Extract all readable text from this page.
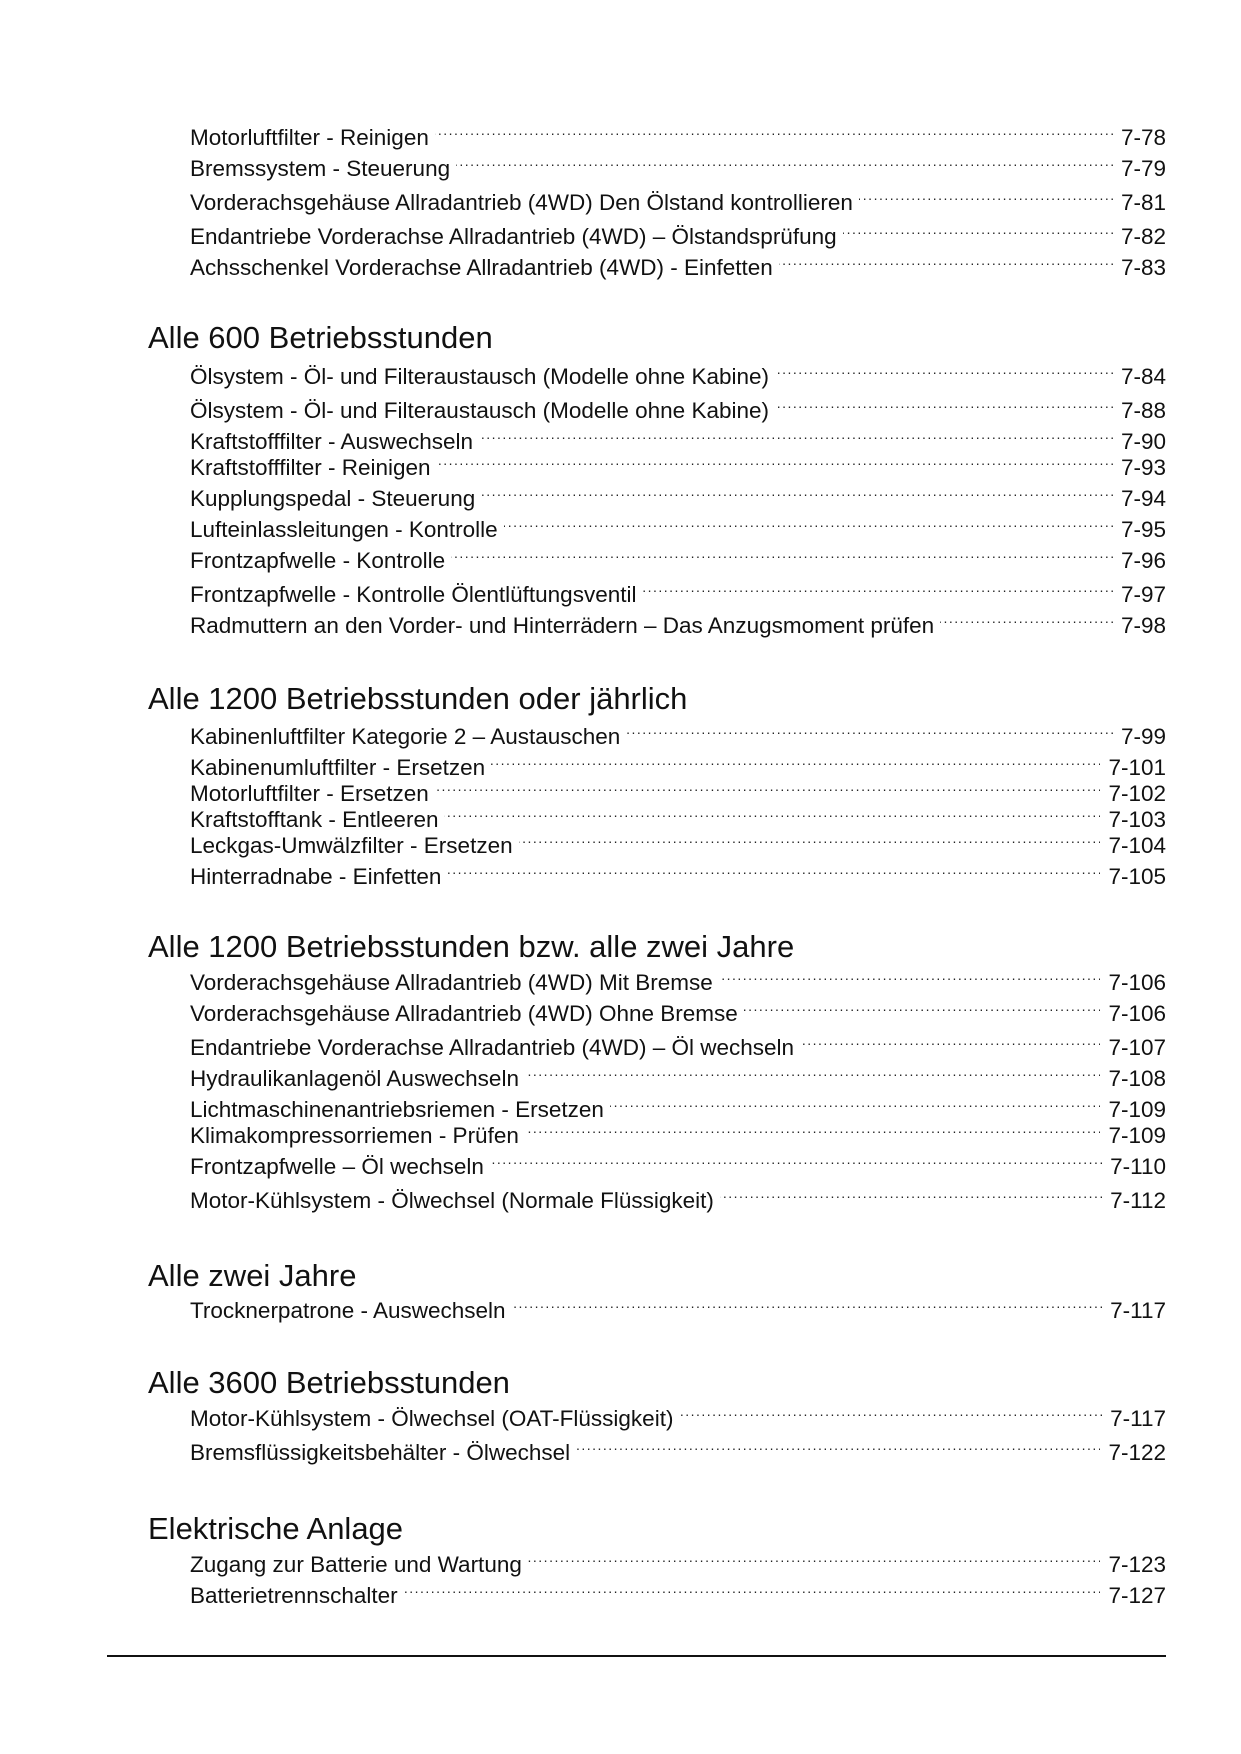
Motorluftfilter - Reinigen . . .	7-78
Bremssystem - Steuerung . . .	7-79
Vorderachsgehäuse Allradantrieb (4WD) Den Ölstand kontrollieren . . .	7-81
Endantriebe Vorderachse Allradantrieb (4WD) – Ölstandsprüfung . . .	7-82
Achsschenkel Vorderachse Allradantrieb (4WD) - Einfetten . . .	7-83
Alle 600 Betriebsstunden
Ölsystem - Öl- und Filteraustausch (Modelle ohne Kabine) . . .	7-84
Ölsystem - Öl- und Filteraustausch (Modelle ohne Kabine) . . .	7-88
Kraftstofffilter - Auswechseln . . .	7-90
Kraftstofffilter - Reinigen . . .	7-93
Kupplungspedal - Steuerung . . .	7-94
Lufteinlassleitungen - Kontrolle . . .	7-95
Frontzapfwelle - Kontrolle . . .	7-96
Frontzapfwelle - Kontrolle Ölentlüftungsventil . . .	7-97
Radmuttern an den Vorder- und Hinterrädern – Das Anzugsmoment prüfen . . .	7-98
Alle 1200 Betriebsstunden oder jährlich
Kabinenluftfilter Kategorie 2 – Austauschen . . .	7-99
Kabinenumluftfilter - Ersetzen . . .	7-101
Motorluftfilter - Ersetzen . . .	7-102
Kraftstofftank - Entleeren . . .	7-103
Leckgas-Umwälzfilter - Ersetzen . . .	7-104
Hinterradnabe - Einfetten . . .	7-105
Alle 1200 Betriebsstunden bzw. alle zwei Jahre
Vorderachsgehäuse Allradantrieb (4WD) Mit Bremse . . .	7-106
Vorderachsgehäuse Allradantrieb (4WD) Ohne Bremse . . .	7-106
Endantriebe Vorderachse Allradantrieb (4WD) – Öl wechseln . . .	7-107
Hydraulikanlagenöl Auswechseln . . .	7-108
Lichtmaschinenantriebsriemen - Ersetzen . . .	7-109
Klimakompressorriemen - Prüfen . . .	7-109
Frontzapfwelle – Öl wechseln . . .	7-110
Motor-Kühlsystem - Ölwechsel (Normale Flüssigkeit) . . .	7-112
Alle zwei Jahre
Trocknerpatrone - Auswechseln . . .	7-117
Alle 3600 Betriebsstunden
Motor-Kühlsystem - Ölwechsel (OAT-Flüssigkeit) . . .	7-117
Bremsflüssigkeitsbehälter - Ölwechsel . . .	7-122
Elektrische Anlage
Zugang zur Batterie und Wartung . . .	7-123
Batterietrennschalter . . .	7-127
